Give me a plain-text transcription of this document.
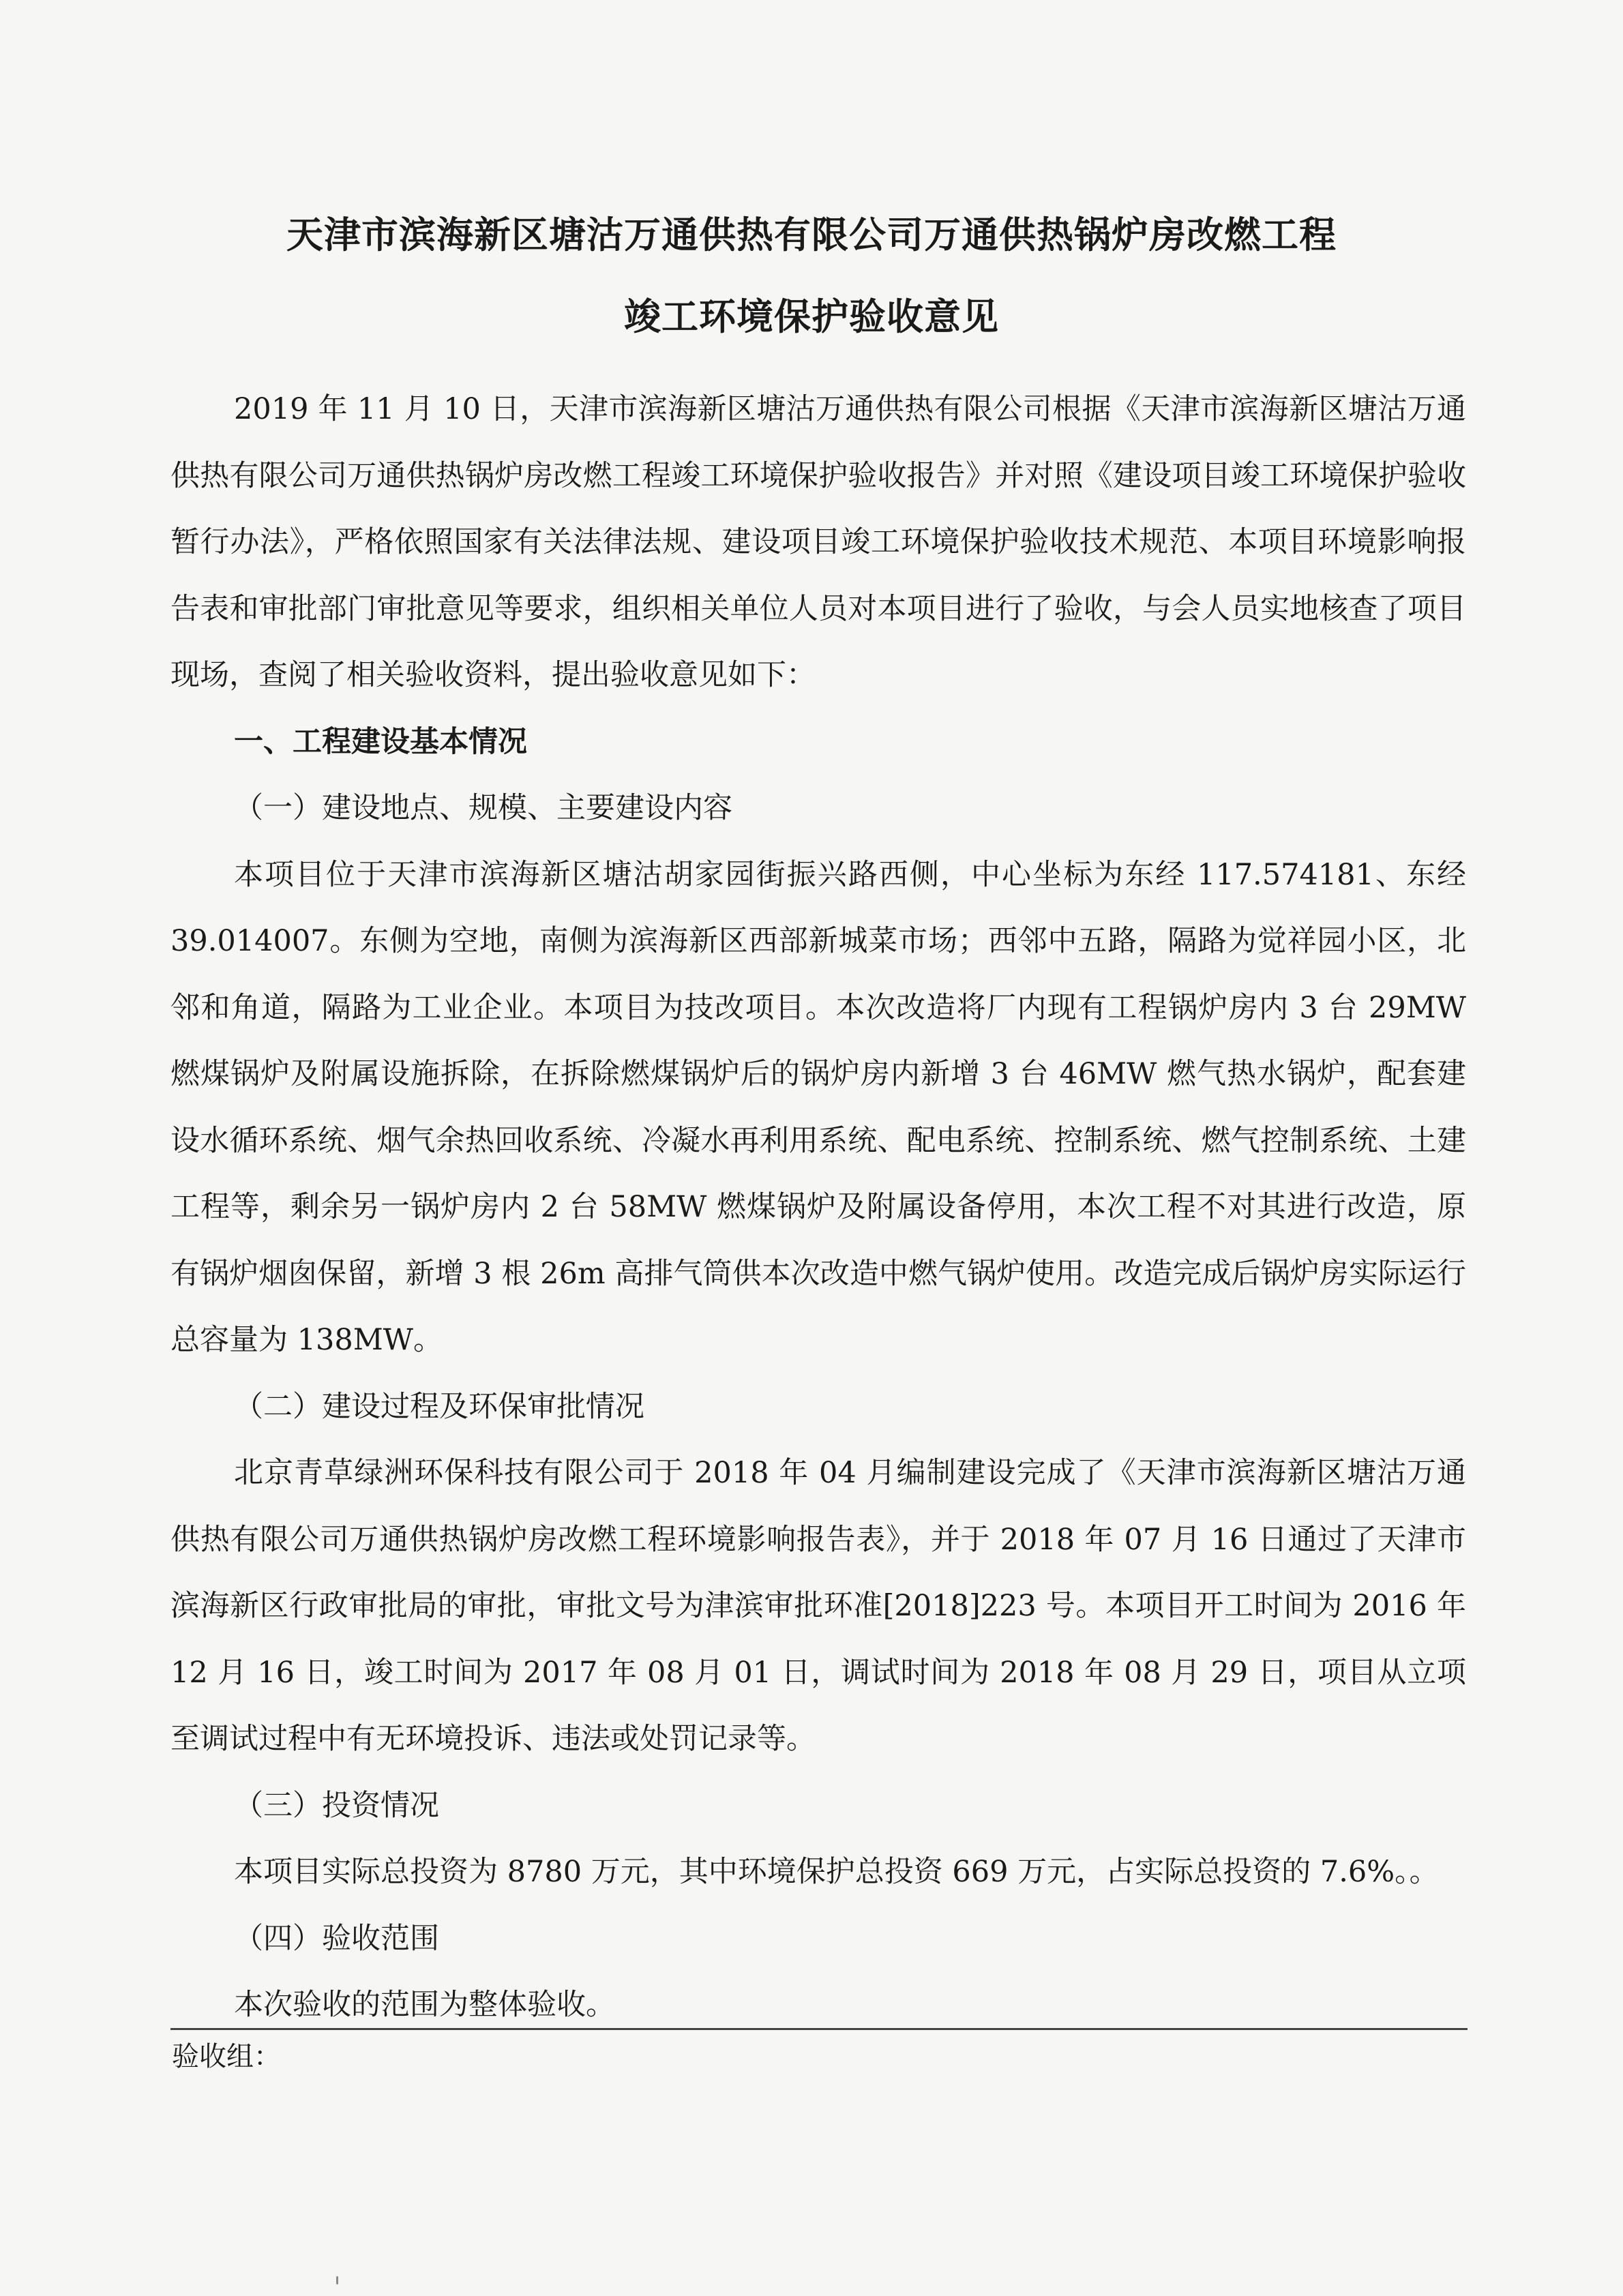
天津市滨海新区塘沽万通供热有限公司万通供热锅炉房改燃工程
竣工环境保护验收意见

2019 年 11 月 10 日，天津市滨海新区塘沽万通供热有限公司根据《天津市滨海新区塘沽万通供热有限公司万通供热锅炉房改燃工程竣工环境保护验收报告》并对照《建设项目竣工环境保护验收暂行办法》，严格依照国家有关法律法规、建设项目竣工环境保护验收技术规范、本项目环境影响报告表和审批部门审批意见等要求，组织相关单位人员对本项目进行了验收，与会人员实地核查了项目现场，查阅了相关验收资料，提出验收意见如下：

一、工程建设基本情况

（一）建设地点、规模、主要建设内容

本项目位于天津市滨海新区塘沽胡家园街振兴路西侧，中心坐标为东经 117.574181、东经 39.014007。东侧为空地，南侧为滨海新区西部新城菜市场；西邻中五路，隔路为觉祥园小区，北邻和角道，隔路为工业企业。本项目为技改项目。本次改造将厂内现有工程锅炉房内 3 台 29MW 燃煤锅炉及附属设施拆除，在拆除燃煤锅炉后的锅炉房内新增 3 台 46MW 燃气热水锅炉，配套建设水循环系统、烟气余热回收系统、冷凝水再利用系统、配电系统、控制系统、燃气控制系统、土建工程等，剩余另一锅炉房内 2 台 58MW 燃煤锅炉及附属设备停用，本次工程不对其进行改造，原有锅炉烟囱保留，新增 3 根 26m 高排气筒供本次改造中燃气锅炉使用。改造完成后锅炉房实际运行总容量为 138MW。

（二）建设过程及环保审批情况

北京青草绿洲环保科技有限公司于 2018 年 04 月编制建设完成了《天津市滨海新区塘沽万通供热有限公司万通供热锅炉房改燃工程环境影响报告表》，并于 2018 年 07 月 16 日通过了天津市滨海新区行政审批局的审批，审批文号为津滨审批环准[2018]223 号。本项目开工时间为 2016 年 12 月 16 日，竣工时间为 2017 年 08 月 01 日，调试时间为 2018 年 08 月 29 日，项目从立项至调试过程中有无环境投诉、违法或处罚记录等。

（三）投资情况

本项目实际总投资为 8780 万元，其中环境保护总投资 669 万元，占实际总投资的 7.6%。。

（四）验收范围

本次验收的范围为整体验收。

验收组：
